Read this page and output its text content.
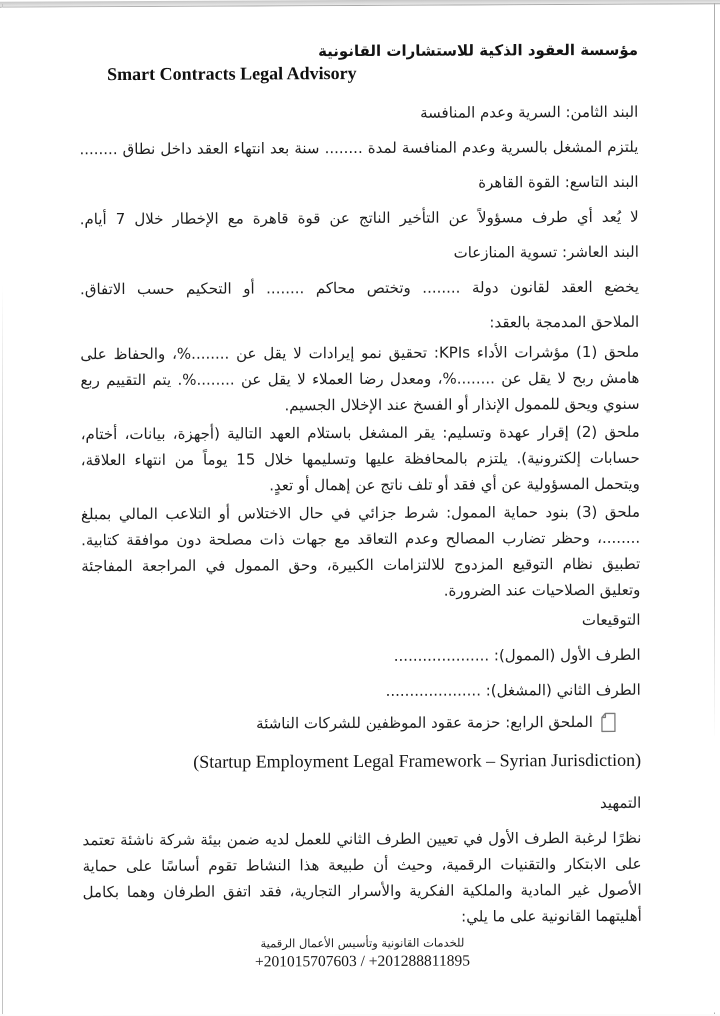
مؤسسة العقود الذكية للاستشارات القانونية
Smart Contracts Legal Advisory
البند الثامن: السرية وعدم المنافسة
يلتزم المشغل بالسرية وعدم المنافسة لمدة ........ سنة بعد انتهاء العقد داخل نطاق ........
البند التاسع: القوة القاهرة
لا يُعد أي طرف مسؤولاً عن التأخير الناتج عن قوة قاهرة مع الإخطار خلال 7 أيام.
البند العاشر: تسوية المنازعات
يخضع العقد لقانون دولة ........ وتختص محاكم ........ أو التحكيم حسب الاتفاق.
الملاحق المدمجة بالعقد:
ملحق (1) مؤشرات الأداء KPIs: تحقيق نمو إيرادات لا يقل عن ........%، والحفاظ على هامش ربح لا يقل عن ........%، ومعدل رضا العملاء لا يقل عن ........%. يتم التقييم ربع سنوي ويحق للممول الإنذار أو الفسخ عند الإخلال الجسيم.
ملحق (2) إقرار عهدة وتسليم: يقر المشغل باستلام العهد التالية (أجهزة، بيانات، أختام، حسابات إلكترونية). يلتزم بالمحافظة عليها وتسليمها خلال 15 يوماً من انتهاء العلاقة، ويتحمل المسؤولية عن أي فقد أو تلف ناتج عن إهمال أو تعدٍ.
ملحق (3) بنود حماية الممول: شرط جزائي في حال الاختلاس أو التلاعب المالي بمبلغ ........، وحظر تضارب المصالح وعدم التعاقد مع جهات ذات مصلحة دون موافقة كتابية. تطبيق نظام التوقيع المزدوج للالتزامات الكبيرة، وحق الممول في المراجعة المفاجئة وتعليق الصلاحيات عند الضرورة.
التوقيعات
الطرف الأول (الممول): ....................
الطرف الثاني (المشغل): ....................
الملحق الرابع: حزمة عقود الموظفين للشركات الناشئة
(Startup Employment Legal Framework – Syrian Jurisdiction)
التمهيد
نظرًا لرغبة الطرف الأول في تعيين الطرف الثاني للعمل لديه ضمن بيئة شركة ناشئة تعتمد على الابتكار والتقنيات الرقمية، وحيث أن طبيعة هذا النشاط تقوم أساسًا على حماية الأصول غير المادية والملكية الفكرية والأسرار التجارية، فقد اتفق الطرفان وهما بكامل أهليتهما القانونية على ما يلي:
للخدمات القانونية وتأسيس الأعمال الرقمية
+201015707603 / +201288811895
